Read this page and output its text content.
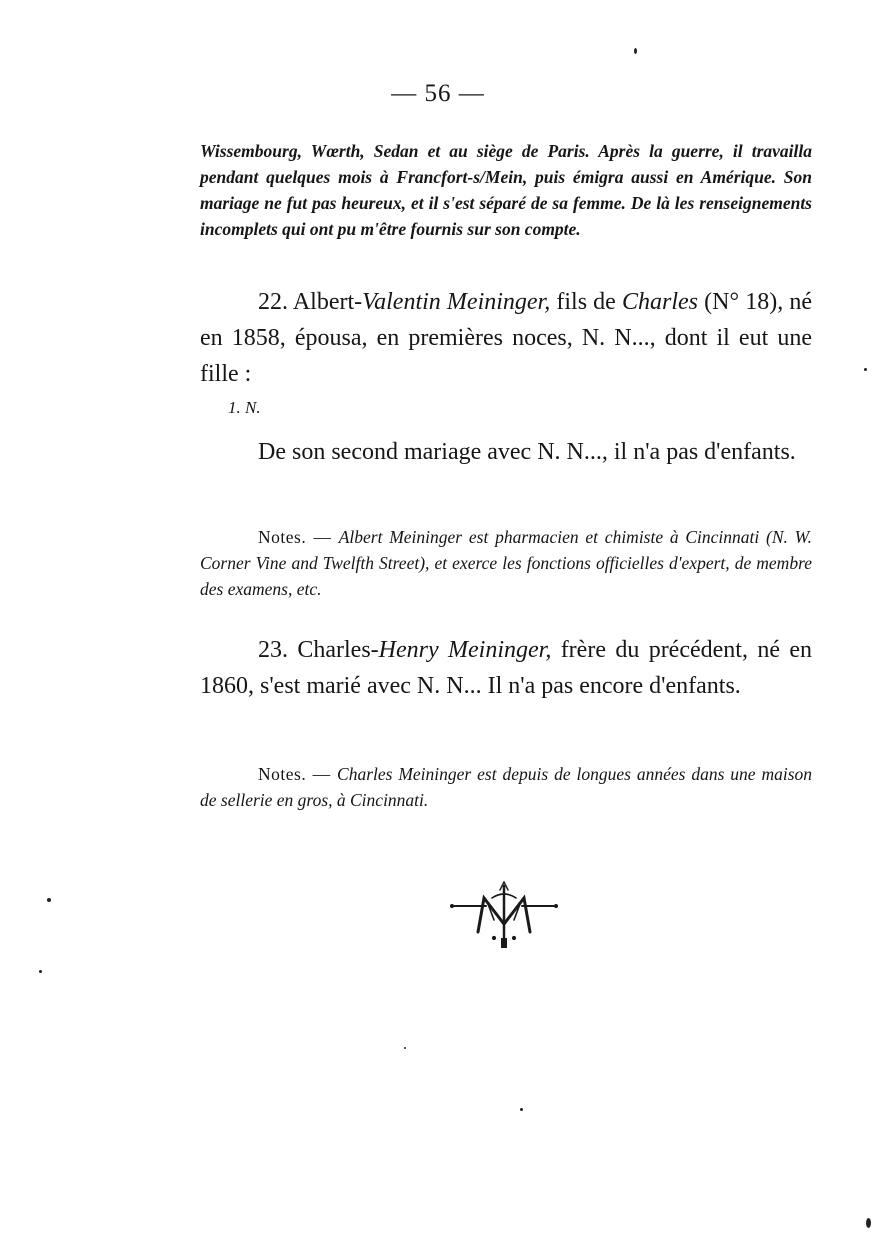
— 56 —
Wissembourg, Wœrth, Sedan et au siège de Paris. Après la guerre, il travailla pendant quelques mois à Francfort-s/Mein, puis émigra aussi en Amérique. Son mariage ne fut pas heureux, et il s'est séparé de sa femme. De là les renseignements incomplets qui ont pu m'être fournis sur son compte.
22. Albert-Valentin Meininger, fils de Charles (N° 18), né en 1858, épousa, en premières noces, N. N..., dont il eut une fille :
1. N.
De son second mariage avec N. N..., il n'a pas d'enfants.
Notes. — Albert Meininger est pharmacien et chimiste à Cincinnati (N. W. Corner Vine and Twelfth Street), et exerce les fonctions officielles d'expert, de membre des examens, etc.
23. Charles-Henry Meininger, frère du précédent, né en 1860, s'est marié avec N. N... Il n'a pas encore d'enfants.
Notes. — Charles Meininger est depuis de longues années dans une maison de sellerie en gros, à Cincinnati.
